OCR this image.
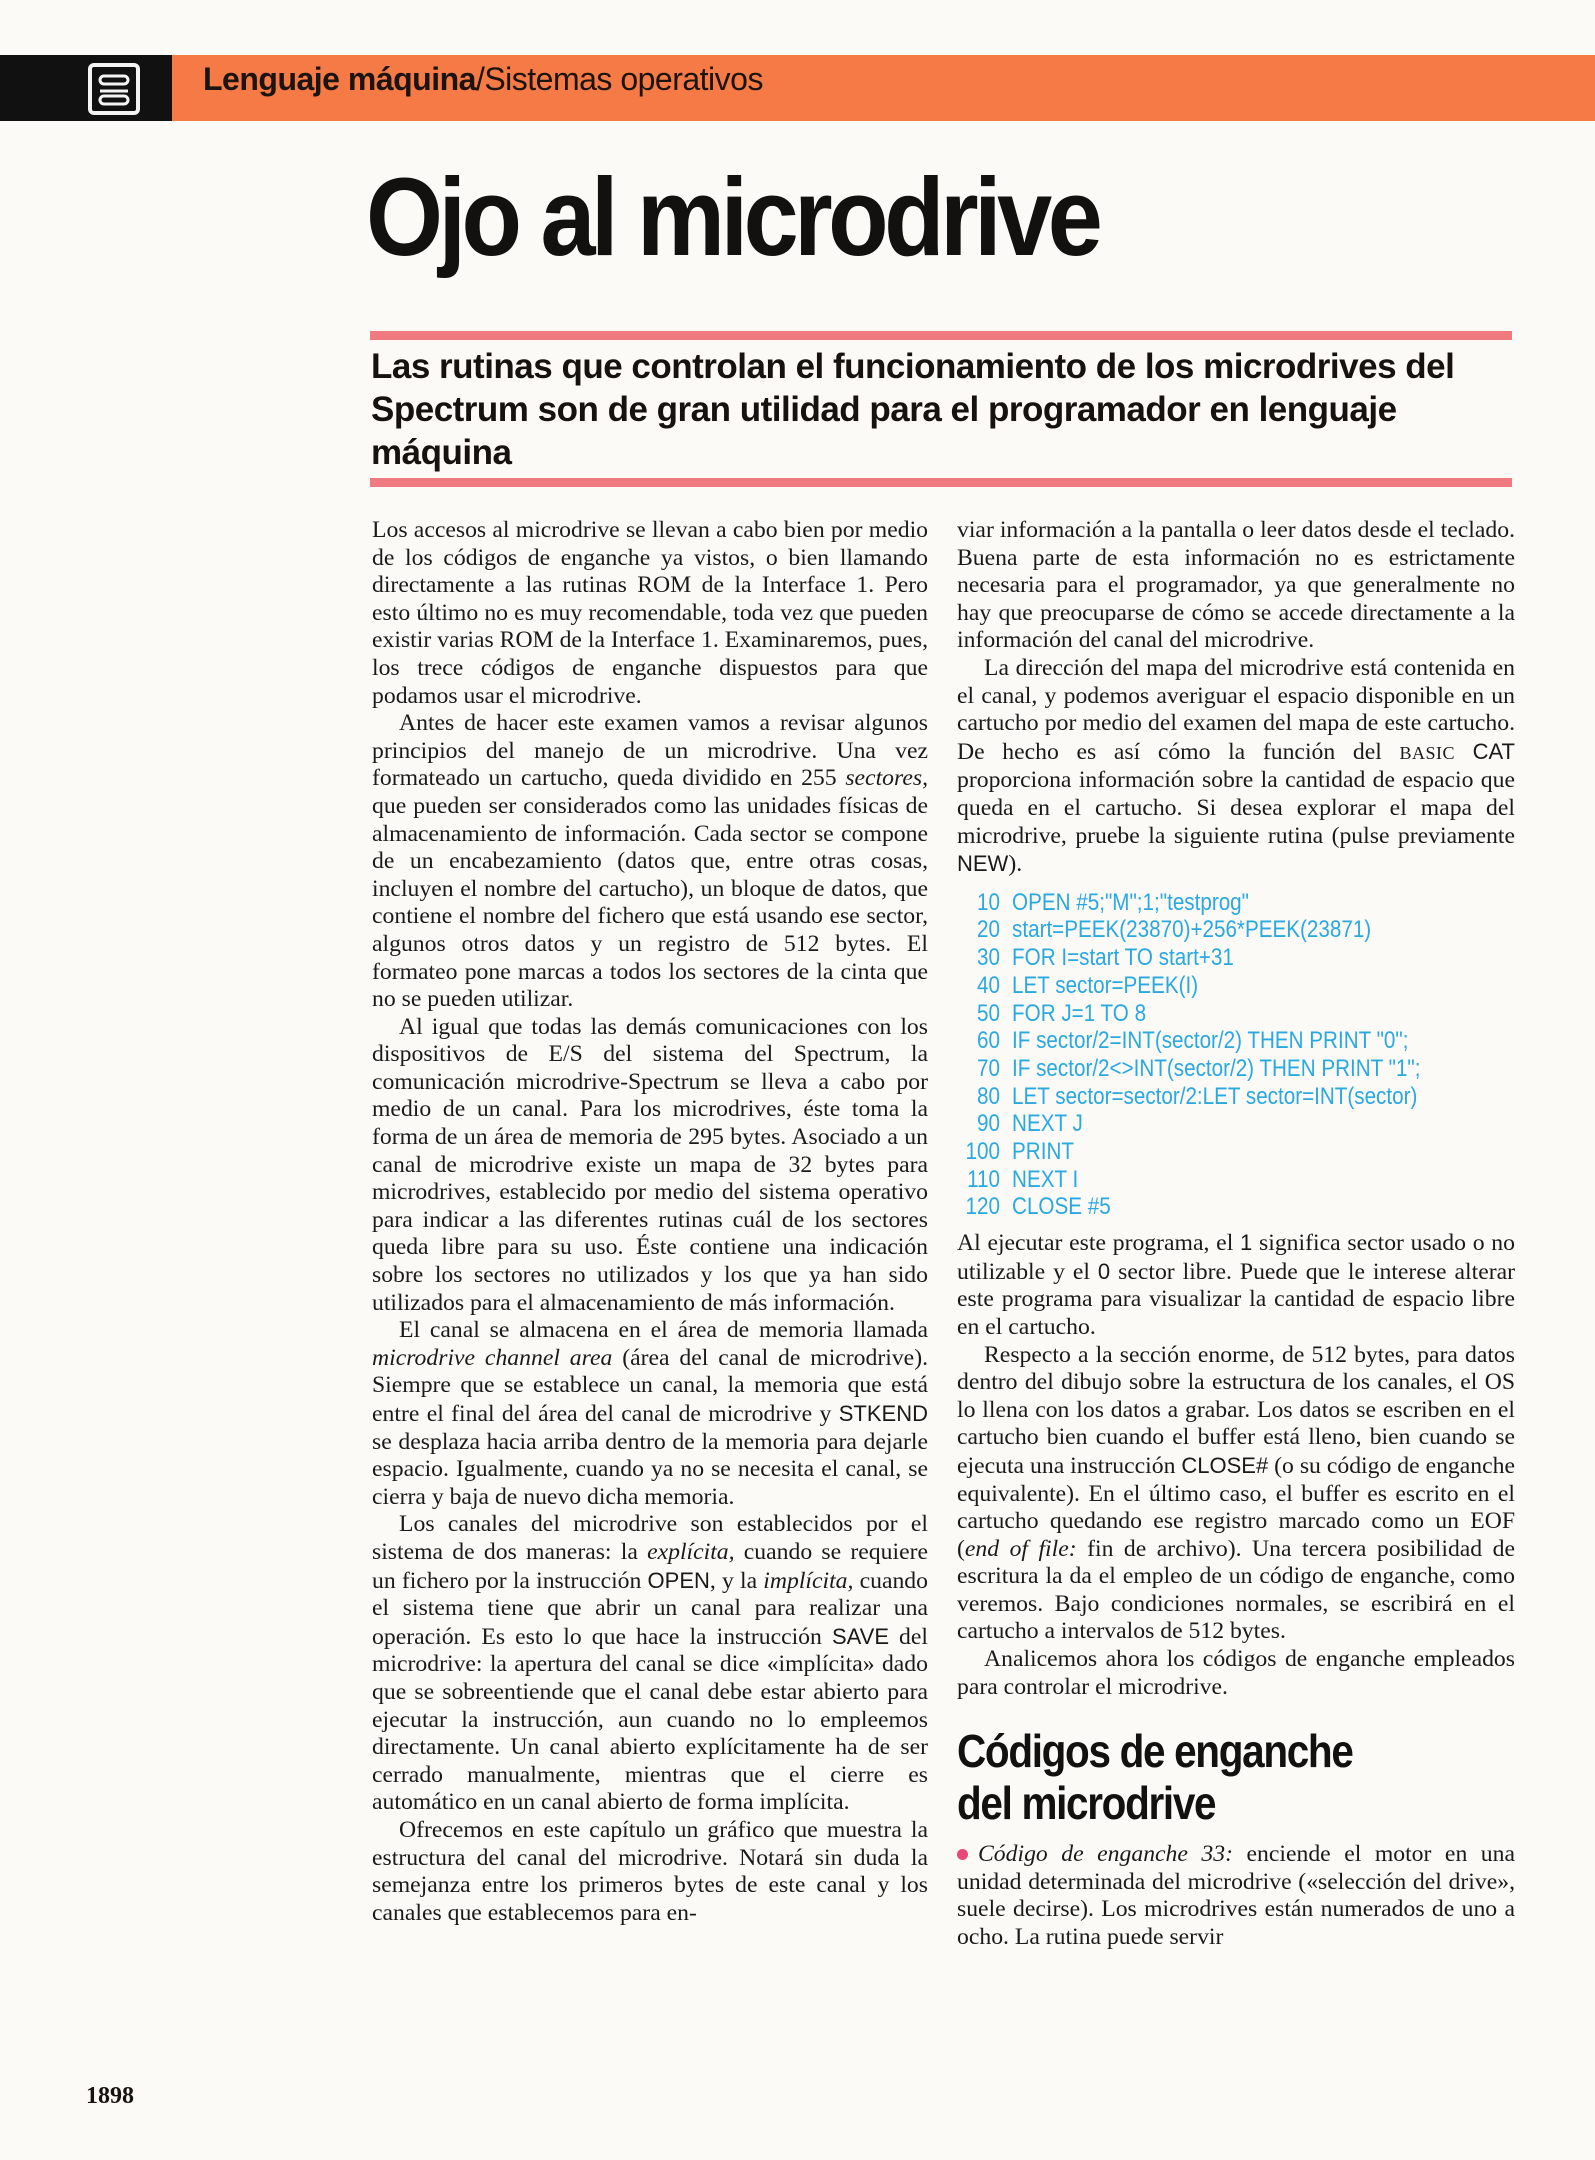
Lenguaje máquina/Sistemas operativos
Ojo al microdrive

Las rutinas que controlan el funcionamiento de los microdrives del Spectrum son de gran utilidad para el programador en lenguaje máquina

Los accesos al microdrive se llevan a cabo bien por medio de los códigos de enganche ya vistos, o bien llamando directamente a las rutinas ROM de la Interface 1. Pero esto último no es muy recomendable, toda vez que pueden existir varias ROM de la Interface 1. Examinaremos, pues, los trece códigos de enganche dispuestos para que podamos usar el microdrive.

Antes de hacer este examen vamos a revisar algunos principios del manejo de un microdrive. Una vez formateado un cartucho, queda dividido en 255 sectores, que pueden ser considerados como las unidades físicas de almacenamiento de información. Cada sector se compone de un encabezamiento (datos que, entre otras cosas, incluyen el nombre del cartucho), un bloque de datos, que contiene el nombre del fichero que está usando ese sector, algunos otros datos y un registro de 512 bytes. El formateo pone marcas a todos los sectores de la cinta que no se pueden utilizar.

Al igual que todas las demás comunicaciones con los dispositivos de E/S del sistema del Spectrum, la comunicación microdrive-Spectrum se lleva a cabo por medio de un canal. Para los microdrives, éste toma la forma de un área de memoria de 295 bytes. Asociado a un canal de microdrive existe un mapa de 32 bytes para microdrives, establecido por medio del sistema operativo para indicar a las diferentes rutinas cuál de los sectores queda libre para su uso. Éste contiene una indicación sobre los sectores no utilizados y los que ya han sido utilizados para el almacenamiento de más información.

El canal se almacena en el área de memoria llamada microdrive channel area (área del canal de microdrive). Siempre que se establece un canal, la memoria que está entre el final del área del canal de microdrive y STKEND se desplaza hacia arriba dentro de la memoria para dejarle espacio. Igualmente, cuando ya no se necesita el canal, se cierra y baja de nuevo dicha memoria.

Los canales del microdrive son establecidos por el sistema de dos maneras: la explícita, cuando se requiere un fichero por la instrucción OPEN, y la implícita, cuando el sistema tiene que abrir un canal para realizar una operación. Es esto lo que hace la instrucción SAVE del microdrive: la apertura del canal se dice «implícita» dado que se sobreentiende que el canal debe estar abierto para ejecutar la instrucción, aun cuando no lo empleemos directamente. Un canal abierto explícitamente ha de ser cerrado manualmente, mientras que el cierre es automático en un canal abierto de forma implícita.

Ofrecemos en este capítulo un gráfico que muestra la estructura del canal del microdrive. Notará sin duda la semejanza entre los primeros bytes de este canal y los canales que establecemos para en-

viar información a la pantalla o leer datos desde el teclado. Buena parte de esta información no es estrictamente necesaria para el programador, ya que generalmente no hay que preocuparse de cómo se accede directamente a la información del canal del microdrive.

La dirección del mapa del microdrive está contenida en el canal, y podemos averiguar el espacio disponible en un cartucho por medio del examen del mapa de este cartucho. De hecho es así cómo la función del BASIC CAT proporciona información sobre la cantidad de espacio que queda en el cartucho. Si desea explorar el mapa del microdrive, pruebe la siguiente rutina (pulse previamente NEW).

10 OPEN #5;"M";1;"testprog"
20 start=PEEK(23870)+256*PEEK(23871)
30 FOR I=start TO start+31
40 LET sector=PEEK(I)
50 FOR J=1 TO 8
60 IF sector/2=INT(sector/2) THEN PRINT "0";
70 IF sector/2<>INT(sector/2) THEN PRINT "1";
80 LET sector=sector/2:LET sector=INT(sector)
90 NEXT J
100 PRINT
110 NEXT I
120 CLOSE #5

Al ejecutar este programa, el 1 significa sector usado o no utilizable y el 0 sector libre. Puede que le interese alterar este programa para visualizar la cantidad de espacio libre en el cartucho.

Respecto a la sección enorme, de 512 bytes, para datos dentro del dibujo sobre la estructura de los canales, el OS lo llena con los datos a grabar. Los datos se escriben en el cartucho bien cuando el buffer está lleno, bien cuando se ejecuta una instrucción CLOSE# (o su código de enganche equivalente). En el último caso, el buffer es escrito en el cartucho quedando ese registro marcado como un EOF (end of file: fin de archivo). Una tercera posibilidad de escritura la da el empleo de un código de enganche, como veremos. Bajo condiciones normales, se escribirá en el cartucho a intervalos de 512 bytes.

Analicemos ahora los códigos de enganche empleados para controlar el microdrive.

Códigos de enganche
del microdrive

Código de enganche 33: enciende el motor en una unidad determinada del microdrive («selección del drive», suele decirse). Los microdrives están numerados de uno a ocho. La rutina puede servir

1898
